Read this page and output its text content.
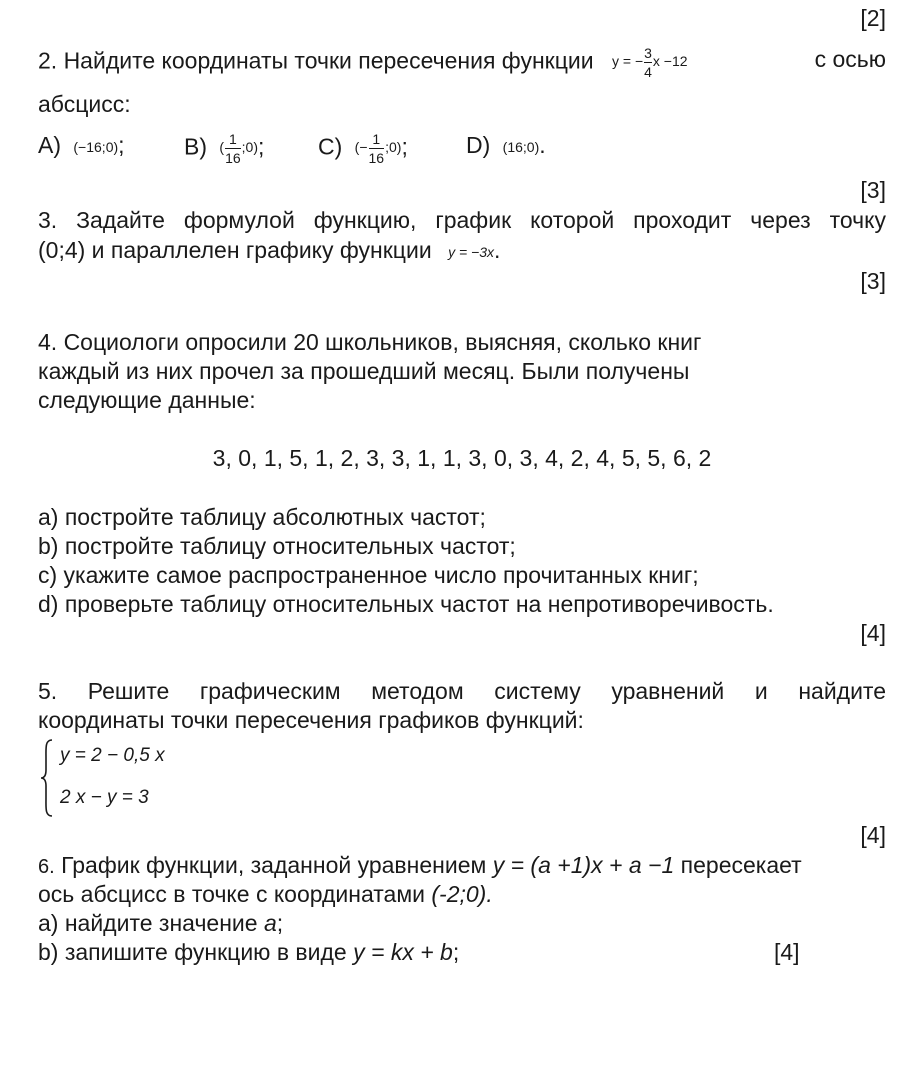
[2]
2. Найдите координаты точки пересечения функции y = − $\frac{3}{4}$ x −12	с осью
абсцисс:
A) (−16;0);	B) ( $\frac{1}{16}$ ;0); C) (− $\frac{1}{16}$ ;0);	D) (16;0).
[3]
3. Задайте формулой функцию, график которой проходит через точку
(0;4) и параллелен графику функции y = −3x.
[3]
4. Социологи опросили 20 школьников, выясняя, сколько книг
каждый из них прочел за прошедший месяц. Были получены
следующие данные:
3, 0, 1, 5, 1, 2, 3, 3, 1, 1, 3, 0, 3, 4, 2, 4, 5, 5, 6, 2
a) постройте таблицу абсолютных частот;
b) постройте таблицу относительных частот;
c) укажите самое распространенное число прочитанных книг;
d) проверьте таблицу относительных частот на непротиворечивость.
[4]
5. Решите графическим методом систему уравнений и найдите
координаты точки пересечения графиков функций:
y = 2 − 0,5 x
2 x − y = 3
[4]
6. График функции, заданной уравнением y = (a +1)x + a −1 пересекает
ось абсцисс в точке с координатами (-2;0).
a) найдите значение a;
b) запишите функцию в виде y = kx + b;	[4]
